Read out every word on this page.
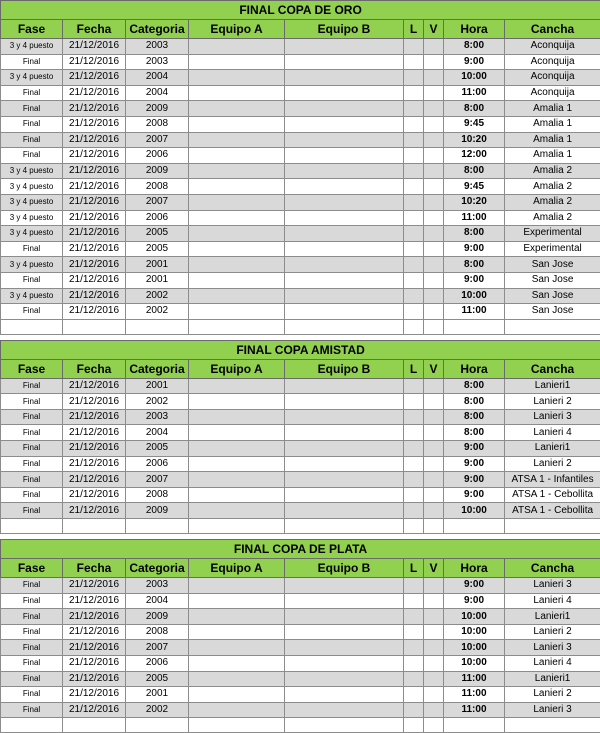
FINAL COPA DE ORO								
Fase	Fecha	Categoria	Equipo A	Equipo B	L	V	Hora	Cancha
3 y 4 puesto	21/12/2016	2003					8:00	Aconquija
Final	21/12/2016	2003					9:00	Aconquija
3 y 4 puesto	21/12/2016	2004					10:00	Aconquija
Final	21/12/2016	2004					11:00	Aconquija
Final	21/12/2016	2009					8:00	Amalia 1
Final	21/12/2016	2008					9:45	Amalia 1
Final	21/12/2016	2007					10:20	Amalia 1
Final	21/12/2016	2006					12:00	Amalia 1
3 y 4 puesto	21/12/2016	2009					8:00	Amalia 2
3 y 4 puesto	21/12/2016	2008					9:45	Amalia 2
3 y 4 puesto	21/12/2016	2007					10:20	Amalia 2
3 y 4 puesto	21/12/2016	2006					11:00	Amalia 2
3 y 4 puesto	21/12/2016	2005					8:00	Experimental
Final	21/12/2016	2005					9:00	Experimental
3 y 4 puesto	21/12/2016	2001					8:00	San Jose
Final	21/12/2016	2001					9:00	San Jose
3 y 4 puesto	21/12/2016	2002					10:00	San Jose
Final	21/12/2016	2002					11:00	San Jose

FINAL COPA AMISTAD								
Fase	Fecha	Categoria	Equipo A	Equipo B	L	V	Hora	Cancha
Final	21/12/2016	2001					8:00	Lanieri1
Final	21/12/2016	2002					8:00	Lanieri 2
Final	21/12/2016	2003					8:00	Lanieri 3
Final	21/12/2016	2004					8:00	Lanieri 4
Final	21/12/2016	2005					9:00	Lanieri1
Final	21/12/2016	2006					9:00	Lanieri 2
Final	21/12/2016	2007					9:00	ATSA 1 - Infantiles
Final	21/12/2016	2008					9:00	ATSA 1 - Cebollita
Final	21/12/2016	2009					10:00	ATSA 1 - Cebollita

FINAL COPA DE PLATA								
Fase	Fecha	Categoria	Equipo A	Equipo B	L	V	Hora	Cancha
Final	21/12/2016	2003					9:00	Lanieri 3
Final	21/12/2016	2004					9:00	Lanieri 4
Final	21/12/2016	2009					10:00	Lanieri1
Final	21/12/2016	2008					10:00	Lanieri 2
Final	21/12/2016	2007					10:00	Lanieri 3
Final	21/12/2016	2006					10:00	Lanieri 4
Final	21/12/2016	2005					11:00	Lanieri1
Final	21/12/2016	2001					11:00	Lanieri 2
Final	21/12/2016	2002					11:00	Lanieri 3
